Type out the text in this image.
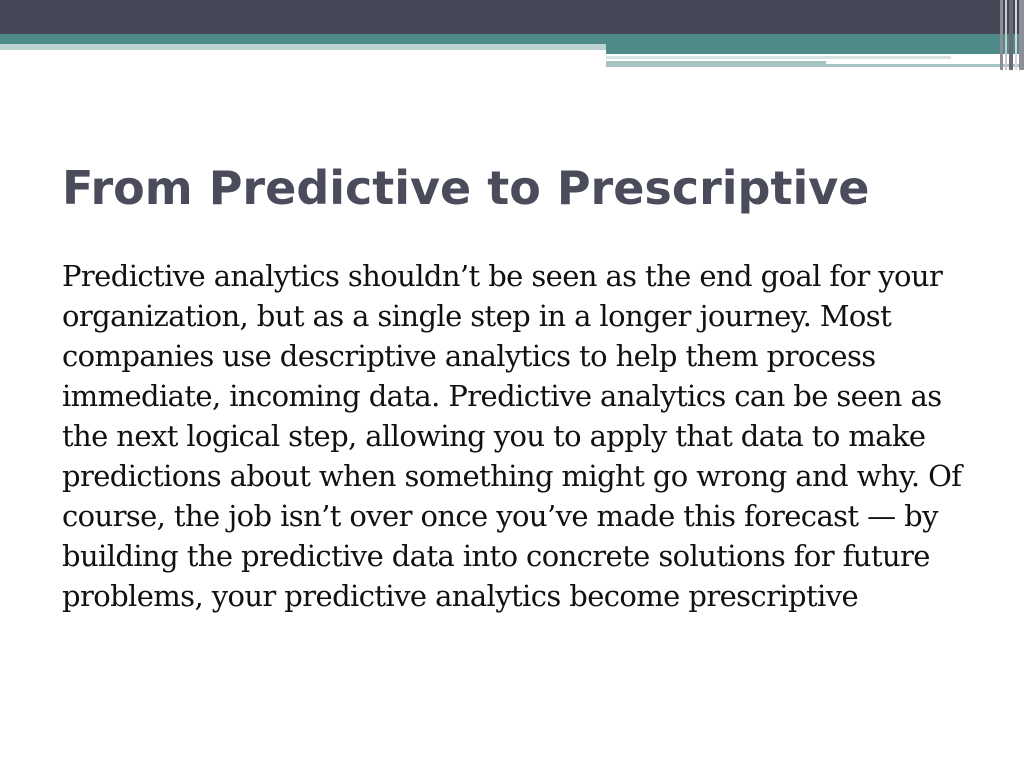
From Predictive to Prescriptive

Predictive analytics shouldn’t be seen as the end goal for your organization, but as a single step in a longer journey. Most companies use descriptive analytics to help them process immediate, incoming data. Predictive analytics can be seen as the next logical step, allowing you to apply that data to make predictions about when something might go wrong and why. Of course, the job isn’t over once you’ve made this forecast — by building the predictive data into concrete solutions for future problems, your predictive analytics become prescriptive
